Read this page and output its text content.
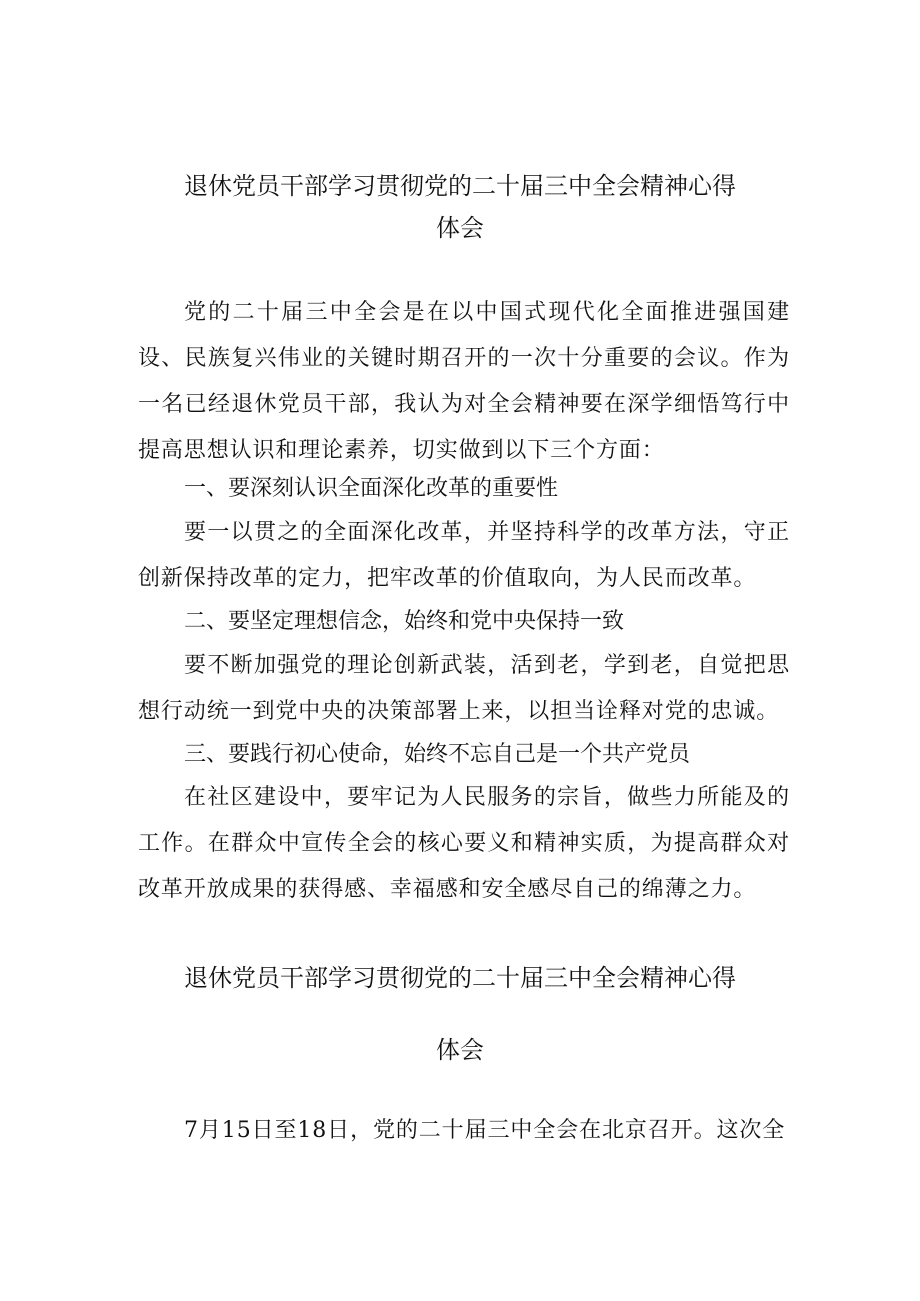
退休党员干部学习贯彻党的二十届三中全会精神心得
体会

党的二十届三中全会是在以中国式现代化全面推进强国建设、民族复兴伟业的关键时期召开的一次十分重要的会议。作为一名已经退休党员干部，我认为对全会精神要在深学细悟笃行中提高思想认识和理论素养，切实做到以下三个方面：

一、要深刻认识全面深化改革的重要性

要一以贯之的全面深化改革，并坚持科学的改革方法，守正创新保持改革的定力，把牢改革的价值取向，为人民而改革。

二、要坚定理想信念，始终和党中央保持一致

要不断加强党的理论创新武装，活到老，学到老，自觉把思想行动统一到党中央的决策部署上来，以担当诠释对党的忠诚。

三、要践行初心使命，始终不忘自己是一个共产党员

在社区建设中，要牢记为人民服务的宗旨，做些力所能及的工作。在群众中宣传全会的核心要义和精神实质，为提高群众对改革开放成果的获得感、幸福感和安全感尽自己的绵薄之力。

退休党员干部学习贯彻党的二十届三中全会精神心得
体会

7月15日至18日，党的二十届三中全会在北京召开。这次全
